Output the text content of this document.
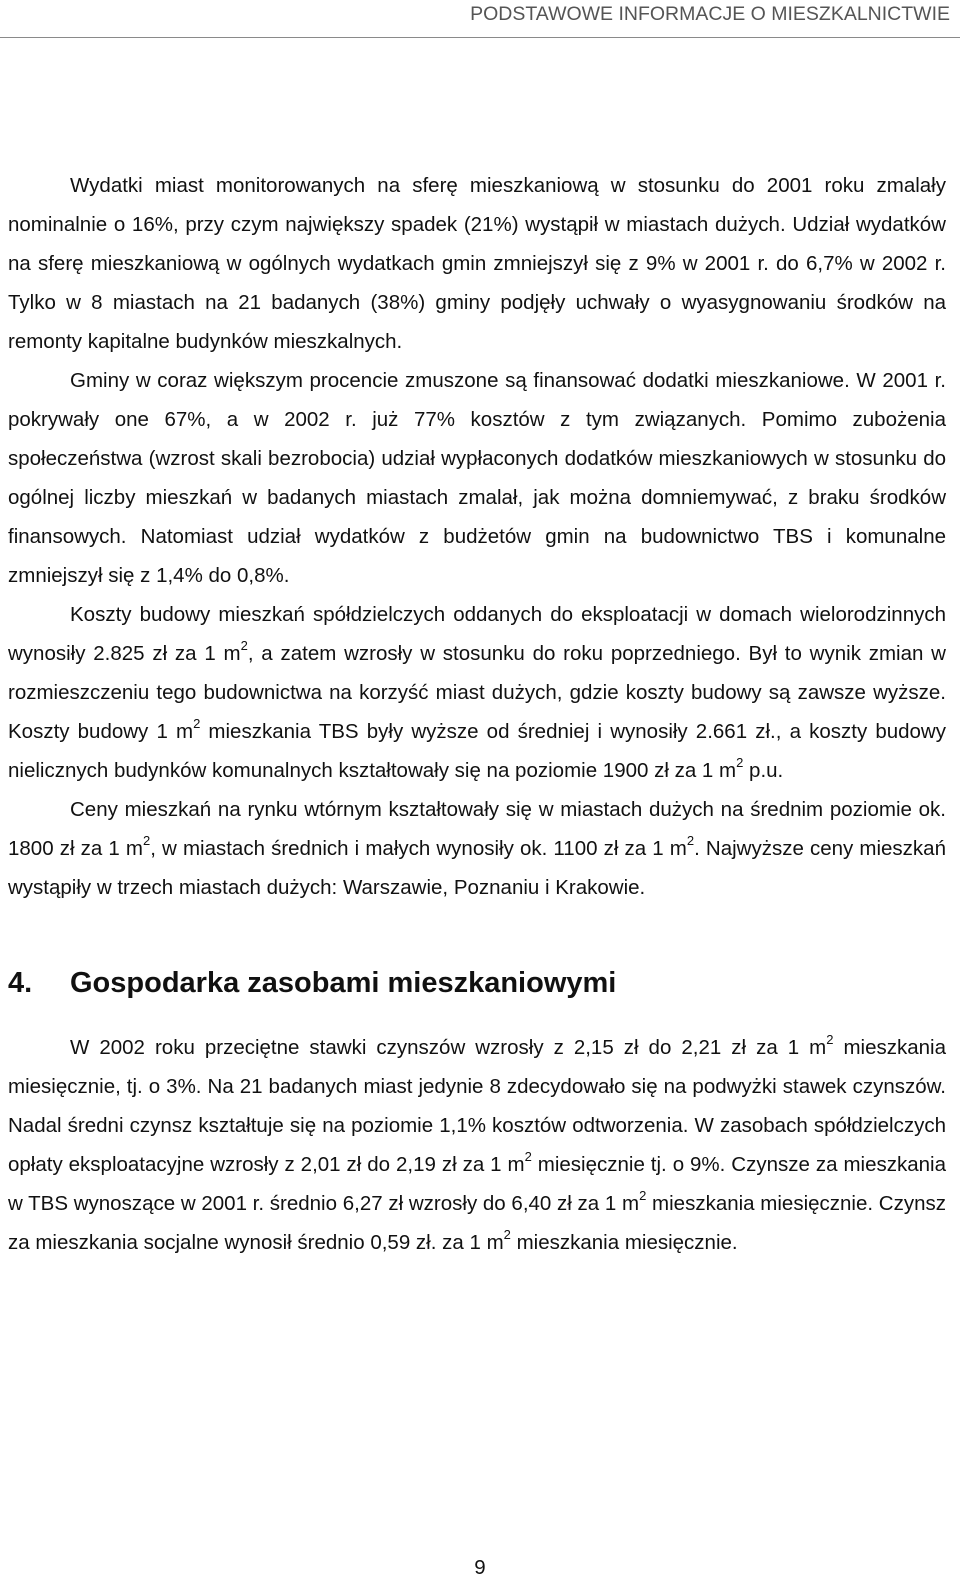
PODSTAWOWE INFORMACJE O MIESZKALNICTWIE

Wydatki miast monitorowanych na sferę mieszkaniową w stosunku do 2001 roku zmalały nominalnie o 16%, przy czym największy spadek (21%) wystąpił w miastach dużych. Udział wydatków na sferę mieszkaniową w ogólnych wydatkach gmin zmniejszył się z 9% w 2001 r. do 6,7% w 2002 r. Tylko w 8 miastach na 21 badanych (38%) gminy podjęły uchwały o wyasygnowaniu środków na remonty kapitalne budynków mieszkalnych.

Gminy w coraz większym procencie zmuszone są finansować dodatki mieszkaniowe. W 2001 r. pokrywały one 67%, a w 2002 r. już 77% kosztów z tym związanych. Pomimo zubożenia społeczeństwa (wzrost skali bezrobocia) udział wypłaconych dodatków mieszkaniowych w stosunku do ogólnej liczby mieszkań w badanych miastach zmalał, jak można domniemywać, z braku środków finansowych. Natomiast udział wydatków z budżetów gmin na budownictwo TBS i komunalne zmniejszył się z 1,4% do 0,8%.

Koszty budowy mieszkań spółdzielczych oddanych do eksploatacji w domach wielorodzinnych wynosiły 2.825 zł za 1 $m^2$, a zatem wzrosły w stosunku do roku poprzedniego. Był to wynik zmian w rozmieszczeniu tego budownictwa na korzyść miast dużych, gdzie koszty budowy są zawsze wyższe. Koszty budowy 1 $m^2$ mieszkania TBS były wyższe od średniej i wynosiły 2.661 zł., a koszty budowy nielicznych budynków komunalnych kształtowały się na poziomie 1900 zł za 1 $m^2$ p.u.

Ceny mieszkań na rynku wtórnym kształtowały się w miastach dużych na średnim poziomie ok. 1800 zł za 1 $m^2$, w miastach średnich i małych wynosiły ok. 1100 zł za 1 $m^2$. Najwyższe ceny mieszkań wystąpiły w trzech miastach dużych: Warszawie, Poznaniu i Krakowie.

4.	Gospodarka zasobami mieszkaniowymi

W 2002 roku przeciętne stawki czynszów wzrosły z 2,15 zł do 2,21 zł za 1 $m^2$ mieszkania miesięcznie, tj. o 3%. Na 21 badanych miast jedynie 8 zdecydowało się na podwyżki stawek czynszów. Nadal średni czynsz kształtuje się na poziomie 1,1% kosztów odtworzenia. W zasobach spółdzielczych opłaty eksploatacyjne wzrosły z 2,01 zł do 2,19 zł za 1 $m^2$ miesięcznie tj. o 9%. Czynsze za mieszkania w TBS wynoszące w 2001 r. średnio 6,27 zł wzrosły do 6,40 zł za 1 $m^2$ mieszkania miesięcznie. Czynsz za mieszkania socjalne wynosił średnio 0,59 zł. za 1 $m^2$ mieszkania miesięcznie.

9
